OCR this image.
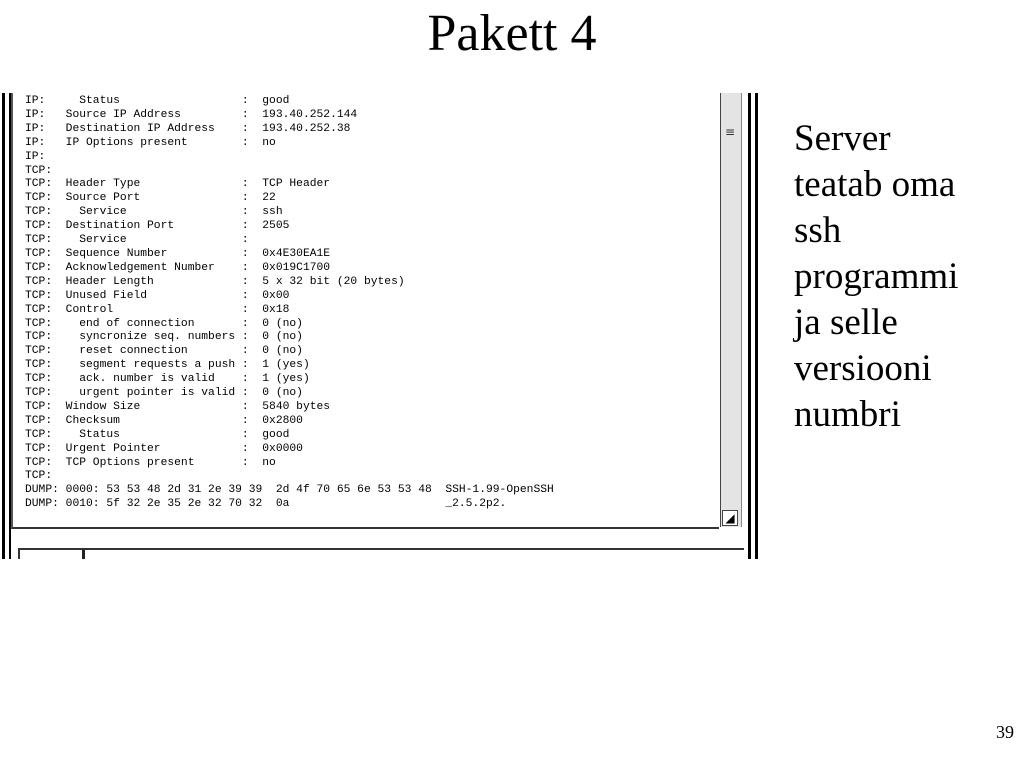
Pakett 4
IP:     Status                  :  good
IP:   Source IP Address         :  193.40.252.144
IP:   Destination IP Address    :  193.40.252.38
IP:   IP Options present        :  no
IP:
TCP:
TCP:  Header Type               :  TCP Header
TCP:  Source Port               :  22
TCP:    Service                 :  ssh
TCP:  Destination Port          :  2505
TCP:    Service                 :
TCP:  Sequence Number           :  0x4E30EA1E
TCP:  Acknowledgement Number    :  0x019C1700
TCP:  Header Length             :  5 x 32 bit (20 bytes)
TCP:  Unused Field              :  0x00
TCP:  Control                   :  0x18
TCP:    end of connection       :  0 (no)
TCP:    syncronize seq. numbers :  0 (no)
TCP:    reset connection        :  0 (no)
TCP:    segment requests a push :  1 (yes)
TCP:    ack. number is valid    :  1 (yes)
TCP:    urgent pointer is valid :  0 (no)
TCP:  Window Size               :  5840 bytes
TCP:  Checksum                  :  0x2800
TCP:    Status                  :  good
TCP:  Urgent Pointer            :  0x0000
TCP:  TCP Options present       :  no
TCP:
DUMP: 0000: 53 53 48 2d 31 2e 39 39  2d 4f 70 65 6e 53 53 48  SSH-1.99-OpenSSH
DUMP: 0010: 5f 32 2e 35 2e 32 70 32  0a                       _2.5.2p2.
≡
◢
Server
teatab oma
ssh
programmi
ja selle
versiooni
numbri
39
